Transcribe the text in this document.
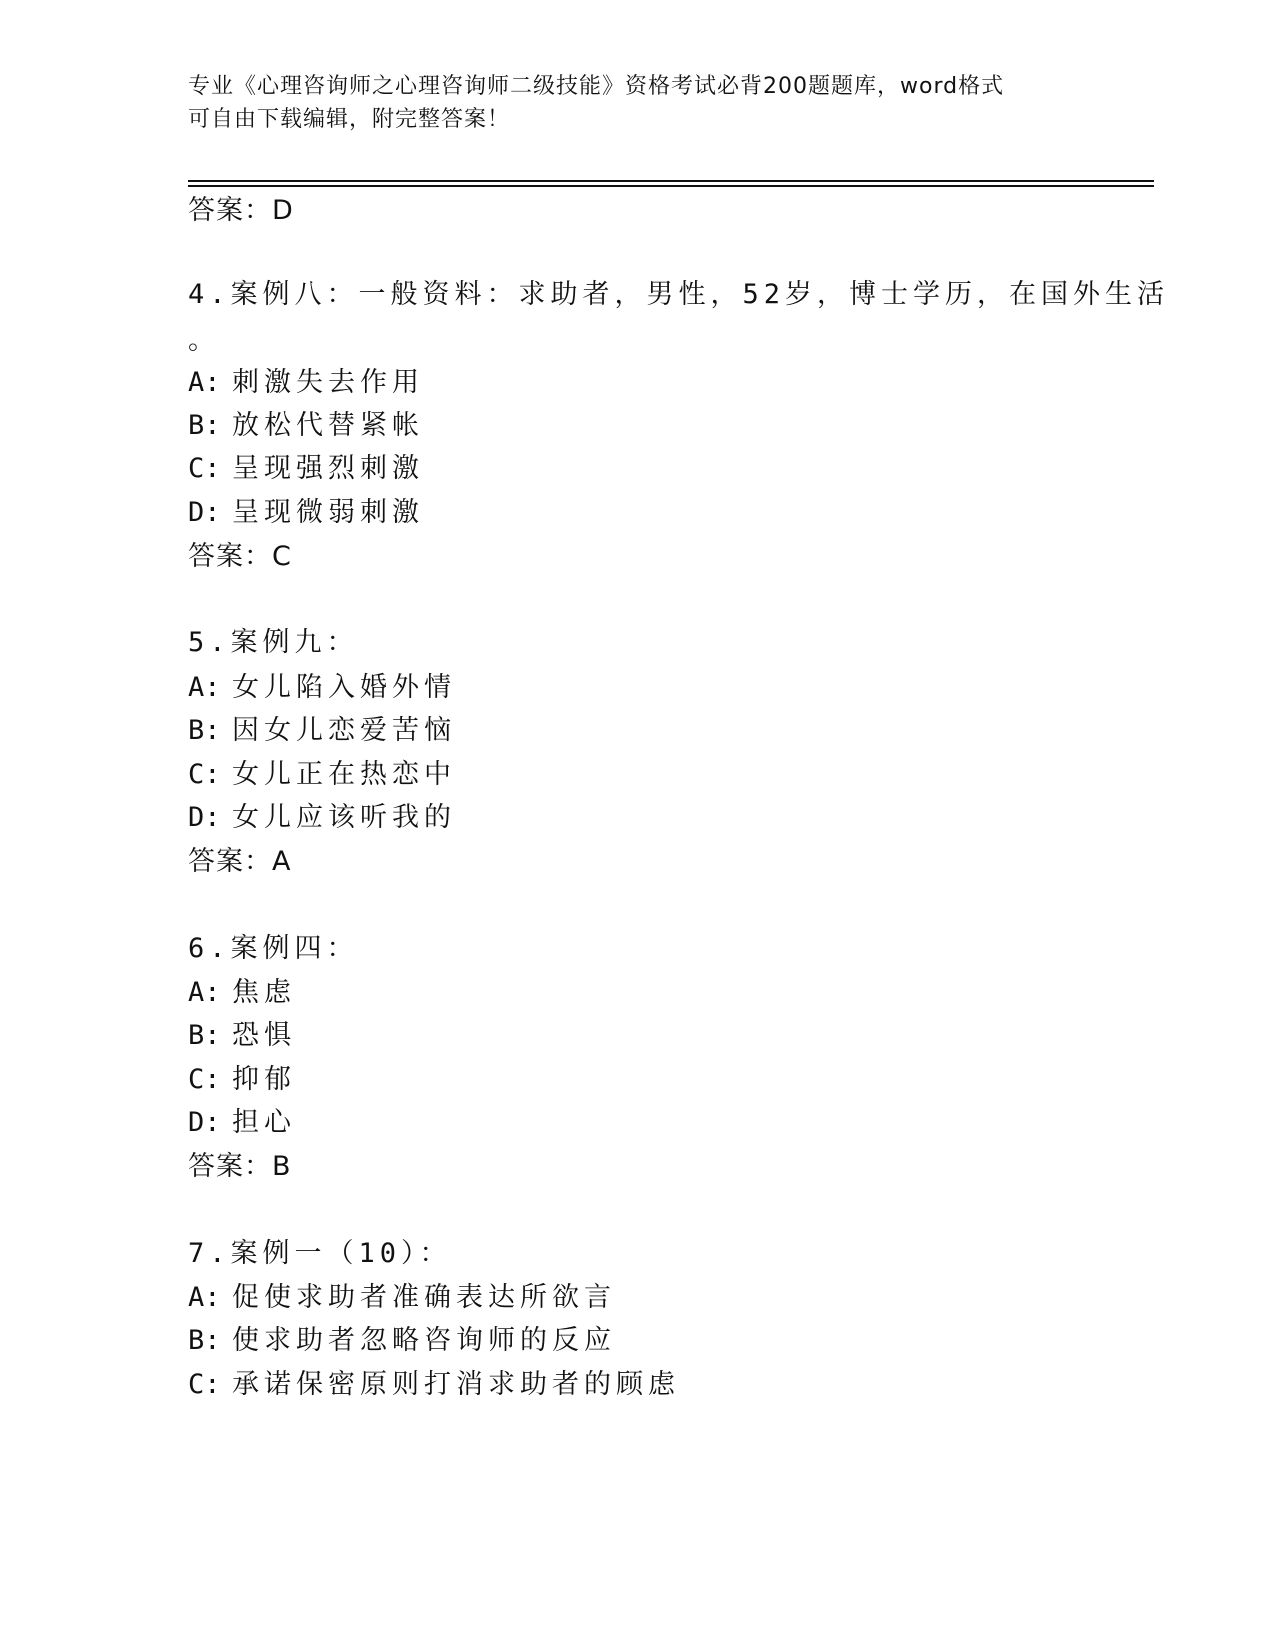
专业《心理咨询师之心理咨询师二级技能》资格考试必背200题题库，word格式
可自由下载编辑，附完整答案！
答案：D
4.案例八：一般资料：求助者，男性，52岁，博士学历，在国外生活
。
A: 刺激失去作用
B: 放松代替紧帐
C: 呈现强烈刺激
D: 呈现微弱刺激
答案：C
5.案例九：
A: 女儿陷入婚外情
B: 因女儿恋爱苦恼
C: 女儿正在热恋中
D: 女儿应该听我的
答案：A
6.案例四：
A: 焦虑
B: 恐惧
C: 抑郁
D: 担心
答案：B
7.案例一（10）：
A: 促使求助者准确表达所欲言
B: 使求助者忽略咨询师的反应
C: 承诺保密原则打消求助者的顾虑
